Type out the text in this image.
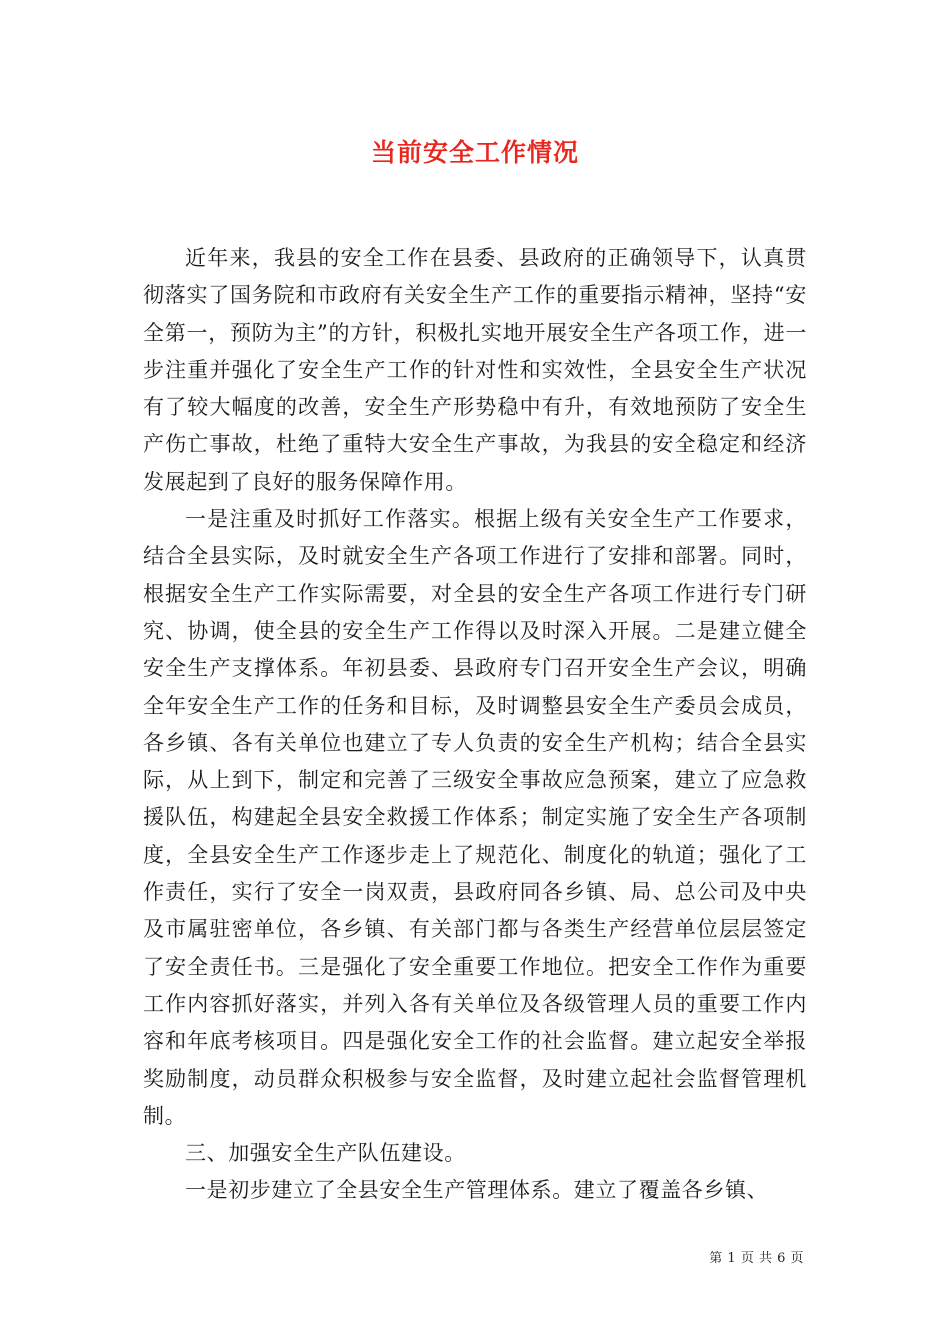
当前安全工作情况

近年来，我县的安全工作在县委、县政府的正确领导下，认真贯彻落实了国务院和市政府有关安全生产工作的重要指示精神，坚持“安全第一，预防为主”的方针，积极扎实地开展安全生产各项工作，进一步注重并强化了安全生产工作的针对性和实效性，全县安全生产状况有了较大幅度的改善，安全生产形势稳中有升，有效地预防了安全生产伤亡事故，杜绝了重特大安全生产事故，为我县的安全稳定和经济发展起到了良好的服务保障作用。

一是注重及时抓好工作落实。根据上级有关安全生产工作要求，结合全县实际，及时就安全生产各项工作进行了安排和部署。同时，根据安全生产工作实际需要，对全县的安全生产各项工作进行专门研究、协调，使全县的安全生产工作得以及时深入开展。二是建立健全安全生产支撑体系。年初县委、县政府专门召开安全生产会议，明确全年安全生产工作的任务和目标，及时调整县安全生产委员会成员，各乡镇、各有关单位也建立了专人负责的安全生产机构；结合全县实际，从上到下，制定和完善了三级安全事故应急预案，建立了应急救援队伍，构建起全县安全救援工作体系；制定实施了安全生产各项制度，全县安全生产工作逐步走上了规范化、制度化的轨道；强化了工作责任，实行了安全一岗双责，县政府同各乡镇、局、总公司及中央及市属驻密单位，各乡镇、有关部门都与各类生产经营单位层层签定了安全责任书。三是强化了安全重要工作地位。把安全工作作为重要工作内容抓好落实，并列入各有关单位及各级管理人员的重要工作内容和年底考核项目。四是强化安全工作的社会监督。建立起安全举报奖励制度，动员群众积极参与安全监督，及时建立起社会监督管理机制。

三、加强安全生产队伍建设。

一是初步建立了全县安全生产管理体系。建立了覆盖各乡镇、

第 1 页 共 6 页
